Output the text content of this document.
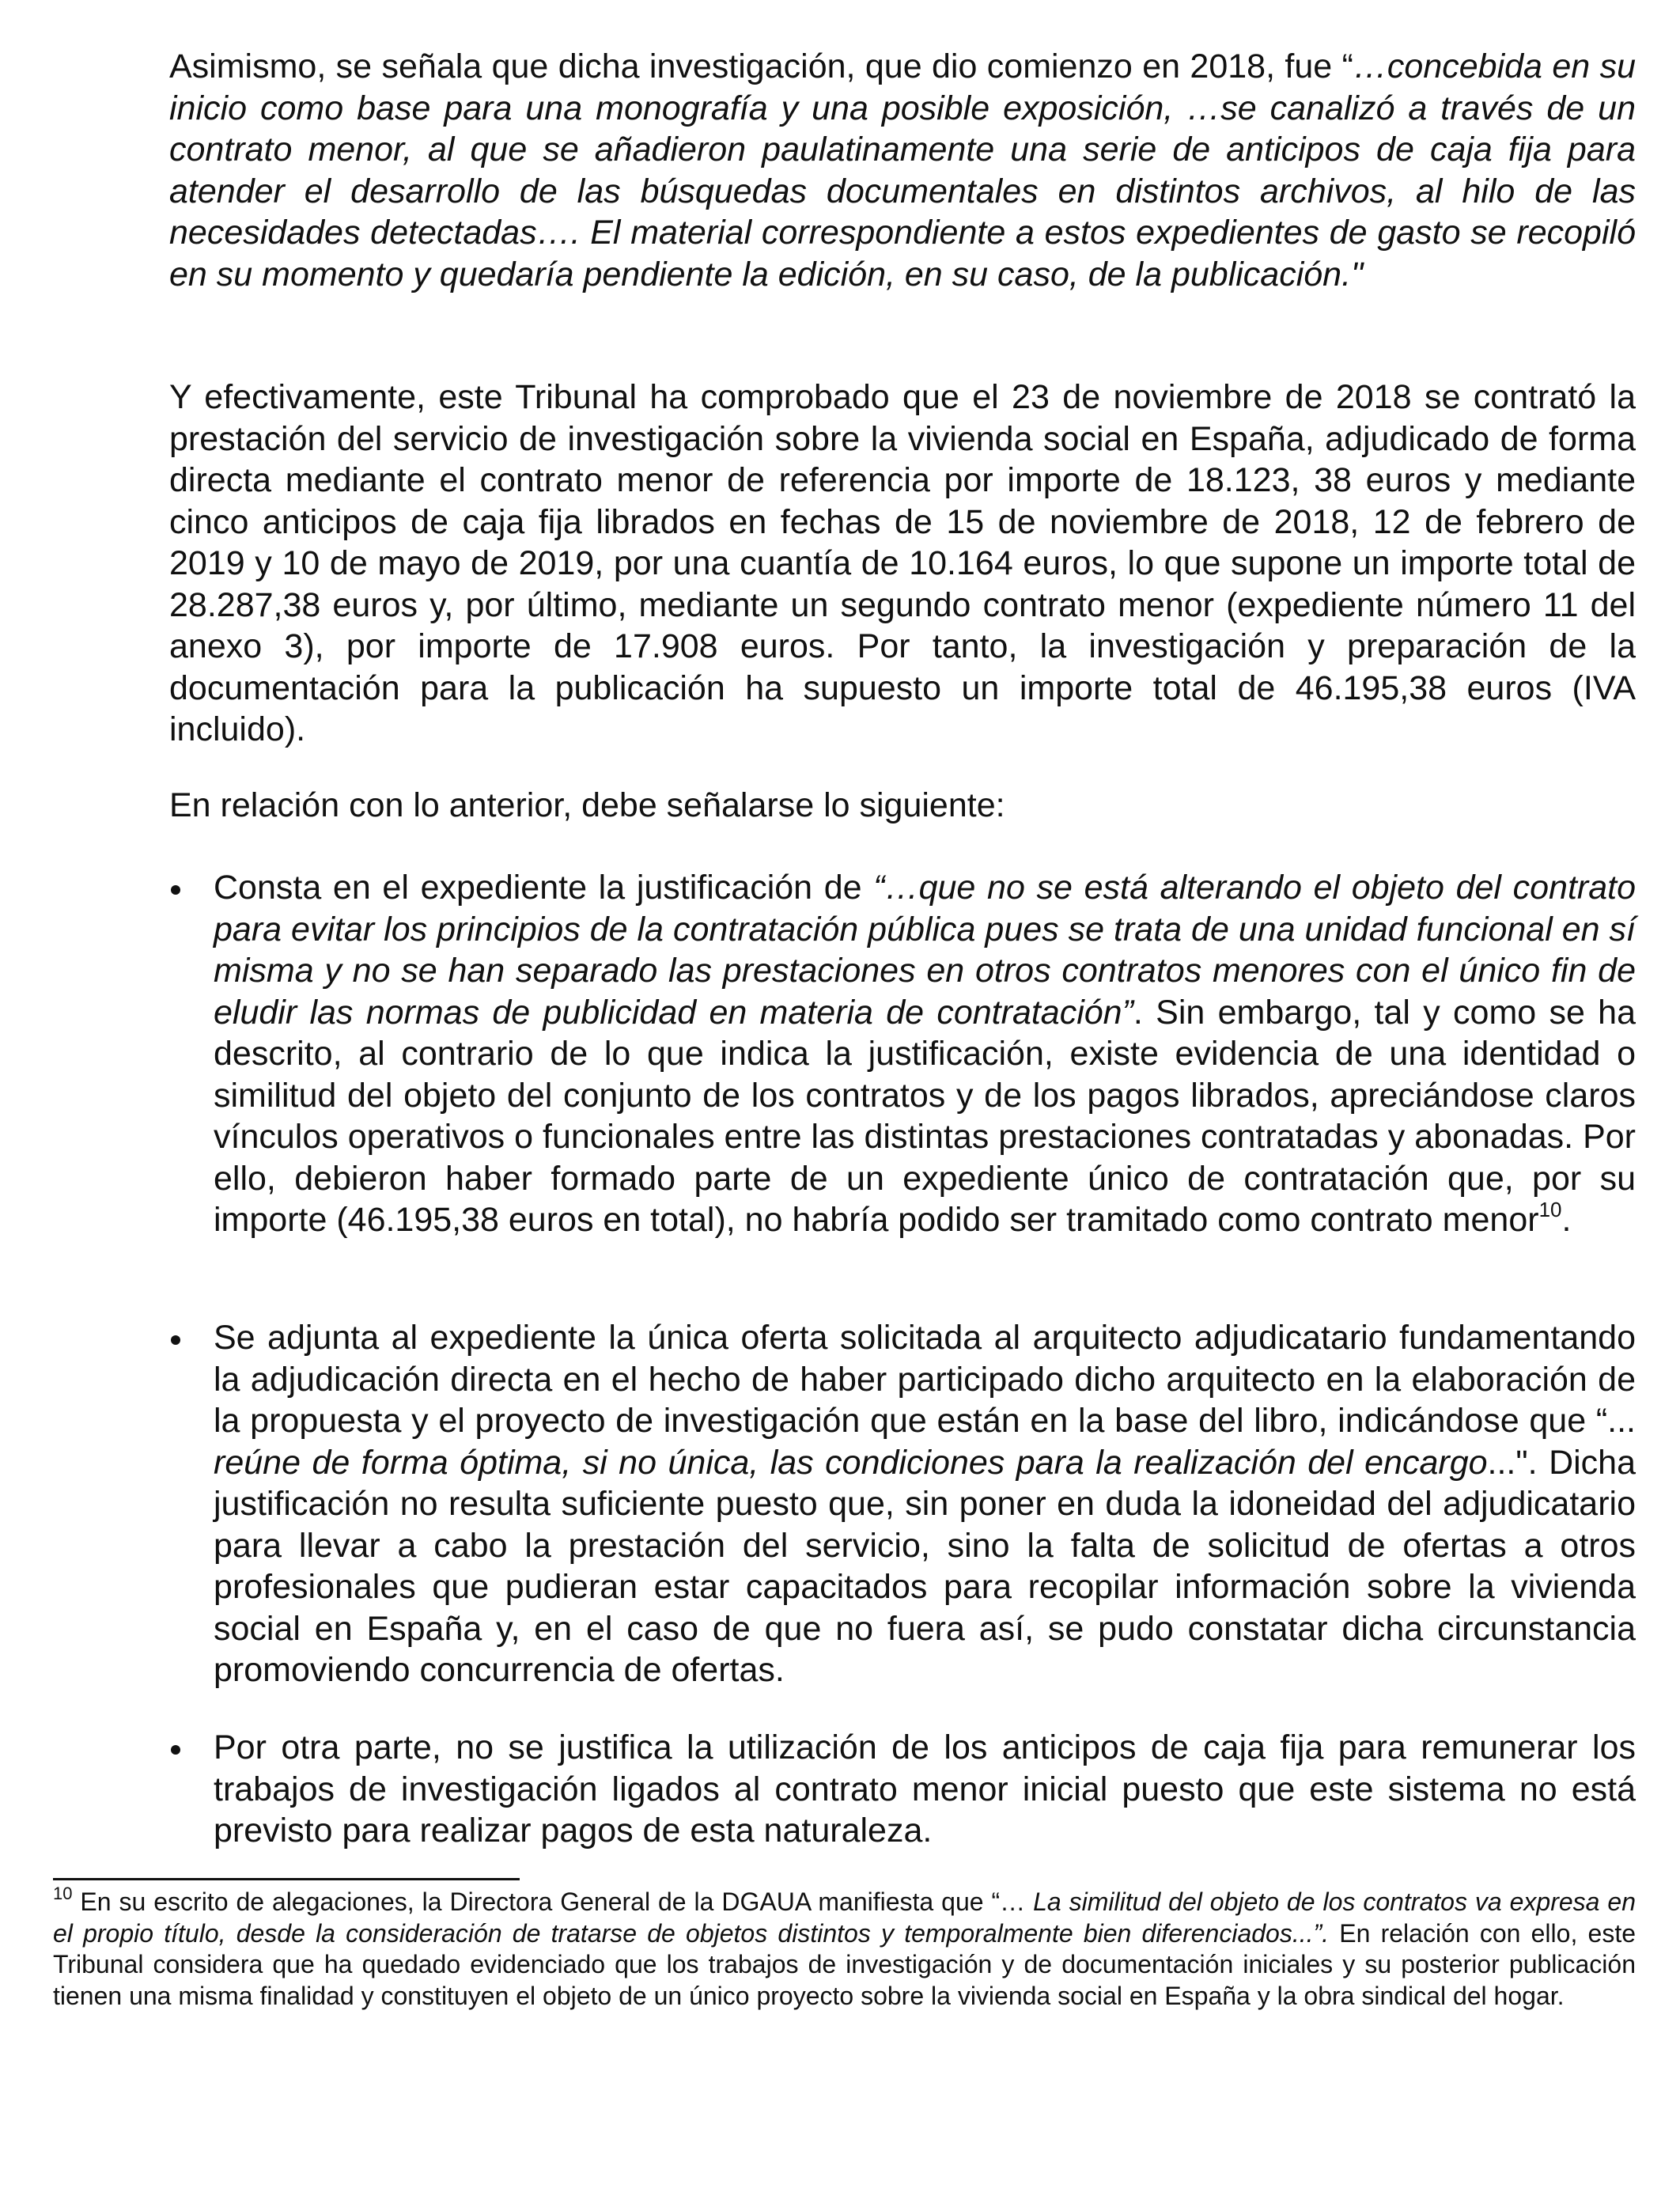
Asimismo, se señala que dicha investigación, que dio comienzo en 2018, fue “…concebida en su inicio como base para una monografía y una posible exposición, …se canalizó a través de un contrato menor, al que se añadieron paulatinamente una serie de anticipos de caja fija para atender el desarrollo de las búsquedas documentales en distintos archivos, al hilo de las necesidades detectadas…. El material correspondiente a estos expedientes de gasto se recopiló en su momento y quedaría pendiente la edición, en su caso, de la publicación."

Y efectivamente, este Tribunal ha comprobado que el 23 de noviembre de 2018 se contrató la prestación del servicio de investigación sobre la vivienda social en España, adjudicado de forma directa mediante el contrato menor de referencia por importe de 18.123, 38 euros y mediante cinco anticipos de caja fija librados en fechas de 15 de noviembre de 2018, 12 de febrero de 2019 y 10 de mayo de 2019, por una cuantía de 10.164 euros, lo que supone un importe total de 28.287,38 euros y, por último, mediante un segundo contrato menor (expediente número 11 del anexo 3), por importe de 17.908 euros. Por tanto, la investigación y preparación de la documentación para la publicación ha supuesto un importe total de 46.195,38 euros (IVA incluido).

En relación con lo anterior, debe señalarse lo siguiente:

Consta en el expediente la justificación de “…que no se está alterando el objeto del contrato para evitar los principios de la contratación pública pues se trata de una unidad funcional en sí misma y no se han separado las prestaciones en otros contratos menores con el único fin de eludir las normas de publicidad en materia de contratación”. Sin embargo, tal y como se ha descrito, al contrario de lo que indica la justificación, existe evidencia de una identidad o similitud del objeto del conjunto de los contratos y de los pagos librados, apreciándose claros vínculos operativos o funcionales entre las distintas prestaciones contratadas y abonadas. Por ello, debieron haber formado parte de un expediente único de contratación que, por su importe (46.195,38 euros en total), no habría podido ser tramitado como contrato menor$^{10}$.

Se adjunta al expediente la única oferta solicitada al arquitecto adjudicatario fundamentando la adjudicación directa en el hecho de haber participado dicho arquitecto en la elaboración de la propuesta y el proyecto de investigación que están en la base del libro, indicándose que “... reúne de forma óptima, si no única, las condiciones para la realización del encargo...". Dicha justificación no resulta suficiente puesto que, sin poner en duda la idoneidad del adjudicatario para llevar a cabo la prestación del servicio, sino la falta de solicitud de ofertas a otros profesionales que pudieran estar capacitados para recopilar información sobre la vivienda social en España y, en el caso de que no fuera así, se pudo constatar dicha circunstancia promoviendo concurrencia de ofertas.

Por otra parte, no se justifica la utilización de los anticipos de caja fija para remunerar los trabajos de investigación ligados al contrato menor inicial puesto que este sistema no está previsto para realizar pagos de esta naturaleza.

$^{10}$ En su escrito de alegaciones, la Directora General de la DGAUA manifiesta que “… La similitud del objeto de los contratos va expresa en el propio título, desde la consideración de tratarse de objetos distintos y temporalmente bien diferenciados...”. En relación con ello, este Tribunal considera que ha quedado evidenciado que los trabajos de investigación y de documentación iniciales y su posterior publicación tienen una misma finalidad y constituyen el objeto de un único proyecto sobre la vivienda social en España y la obra sindical del hogar.
